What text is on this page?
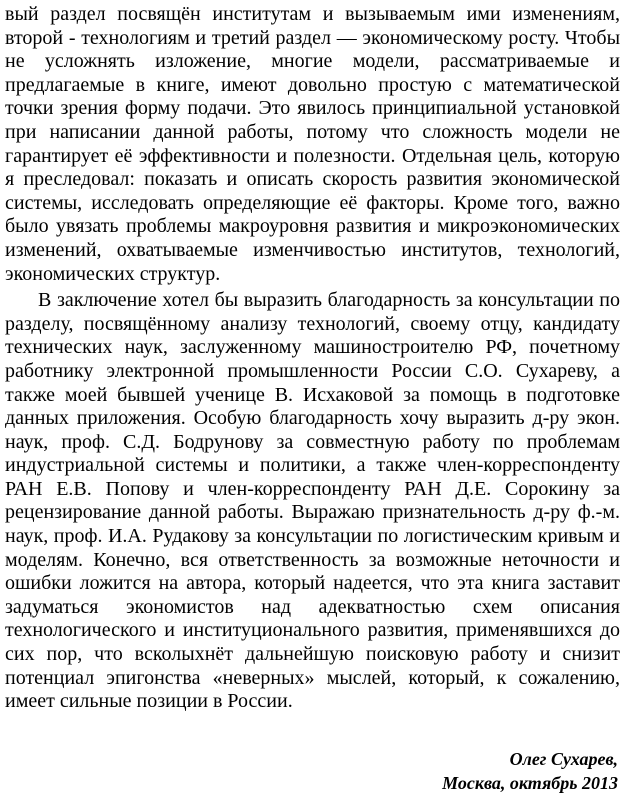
вый раздел посвящён институтам и вызываемым ими изменениям, второй - технологиям и третий раздел — экономическому росту. Чтобы не усложнять изложение, многие модели, рассматриваемые и предлагаемые в книге, имеют довольно простую с математической точки зрения форму подачи. Это явилось принципиальной установкой при написании данной работы, потому что сложность модели не гарантирует её эффективности и полезности. Отдельная цель, которую я преследовал: показать и описать скорость развития экономической системы, исследовать определяющие её факторы. Кроме того, важно было увязать проблемы макроуровня развития и микроэкономических изменений, охватываемые изменчивостью институтов, технологий, экономических структур.

В заключение хотел бы выразить благодарность за консультации по разделу, посвящённому анализу технологий, своему отцу, кандидату технических наук, заслуженному машиностроителю РФ, почетному работнику электронной промышленности России С.О. Сухареву, а также моей бывшей ученице В. Исхаковой за помощь в подготовке данных приложения. Особую благодарность хочу выразить д-ру экон. наук, проф. С.Д. Бодрунову за совместную работу по проблемам индустриальной системы и политики, а также член-корреспонденту РАН Е.В. Попову и член-корреспонденту РАН Д.Е. Сорокину за рецензирование данной работы. Выражаю признательность д-ру ф.-м. наук, проф. И.А. Рудакову за консультации по логистическим кривым и моделям. Конечно, вся ответственность за возможные неточности и ошибки ложится на автора, который надеется, что эта книга заставит задуматься экономистов над адекватностью схем описания технологического и институционального развития, применявшихся до сих пор, что всколыхнёт дальнейшую поисковую работу и снизит потенциал эпигонства «неверных» мыслей, который, к сожалению, имеет сильные позиции в России.

Олег Сухарев,
Москва, октябрь 2013
